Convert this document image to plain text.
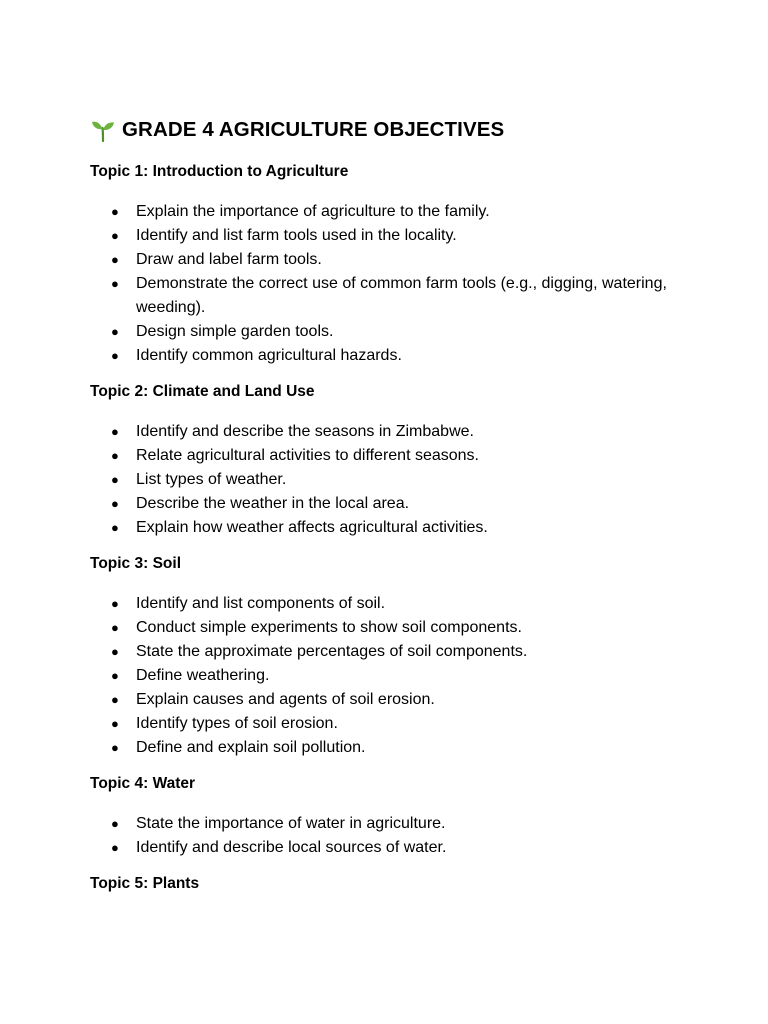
GRADE 4 AGRICULTURE OBJECTIVES
Topic 1: Introduction to Agriculture
● Explain the importance of agriculture to the family.
● Identify and list farm tools used in the locality.
● Draw and label farm tools.
● Demonstrate the correct use of common farm tools (e.g., digging, watering, weeding).
● Design simple garden tools.
● Identify common agricultural hazards.
Topic 2: Climate and Land Use
● Identify and describe the seasons in Zimbabwe.
● Relate agricultural activities to different seasons.
● List types of weather.
● Describe the weather in the local area.
● Explain how weather affects agricultural activities.
Topic 3: Soil
● Identify and list components of soil.
● Conduct simple experiments to show soil components.
● State the approximate percentages of soil components.
● Define weathering.
● Explain causes and agents of soil erosion.
● Identify types of soil erosion.
● Define and explain soil pollution.
Topic 4: Water
● State the importance of water in agriculture.
● Identify and describe local sources of water.
Topic 5: Plants
